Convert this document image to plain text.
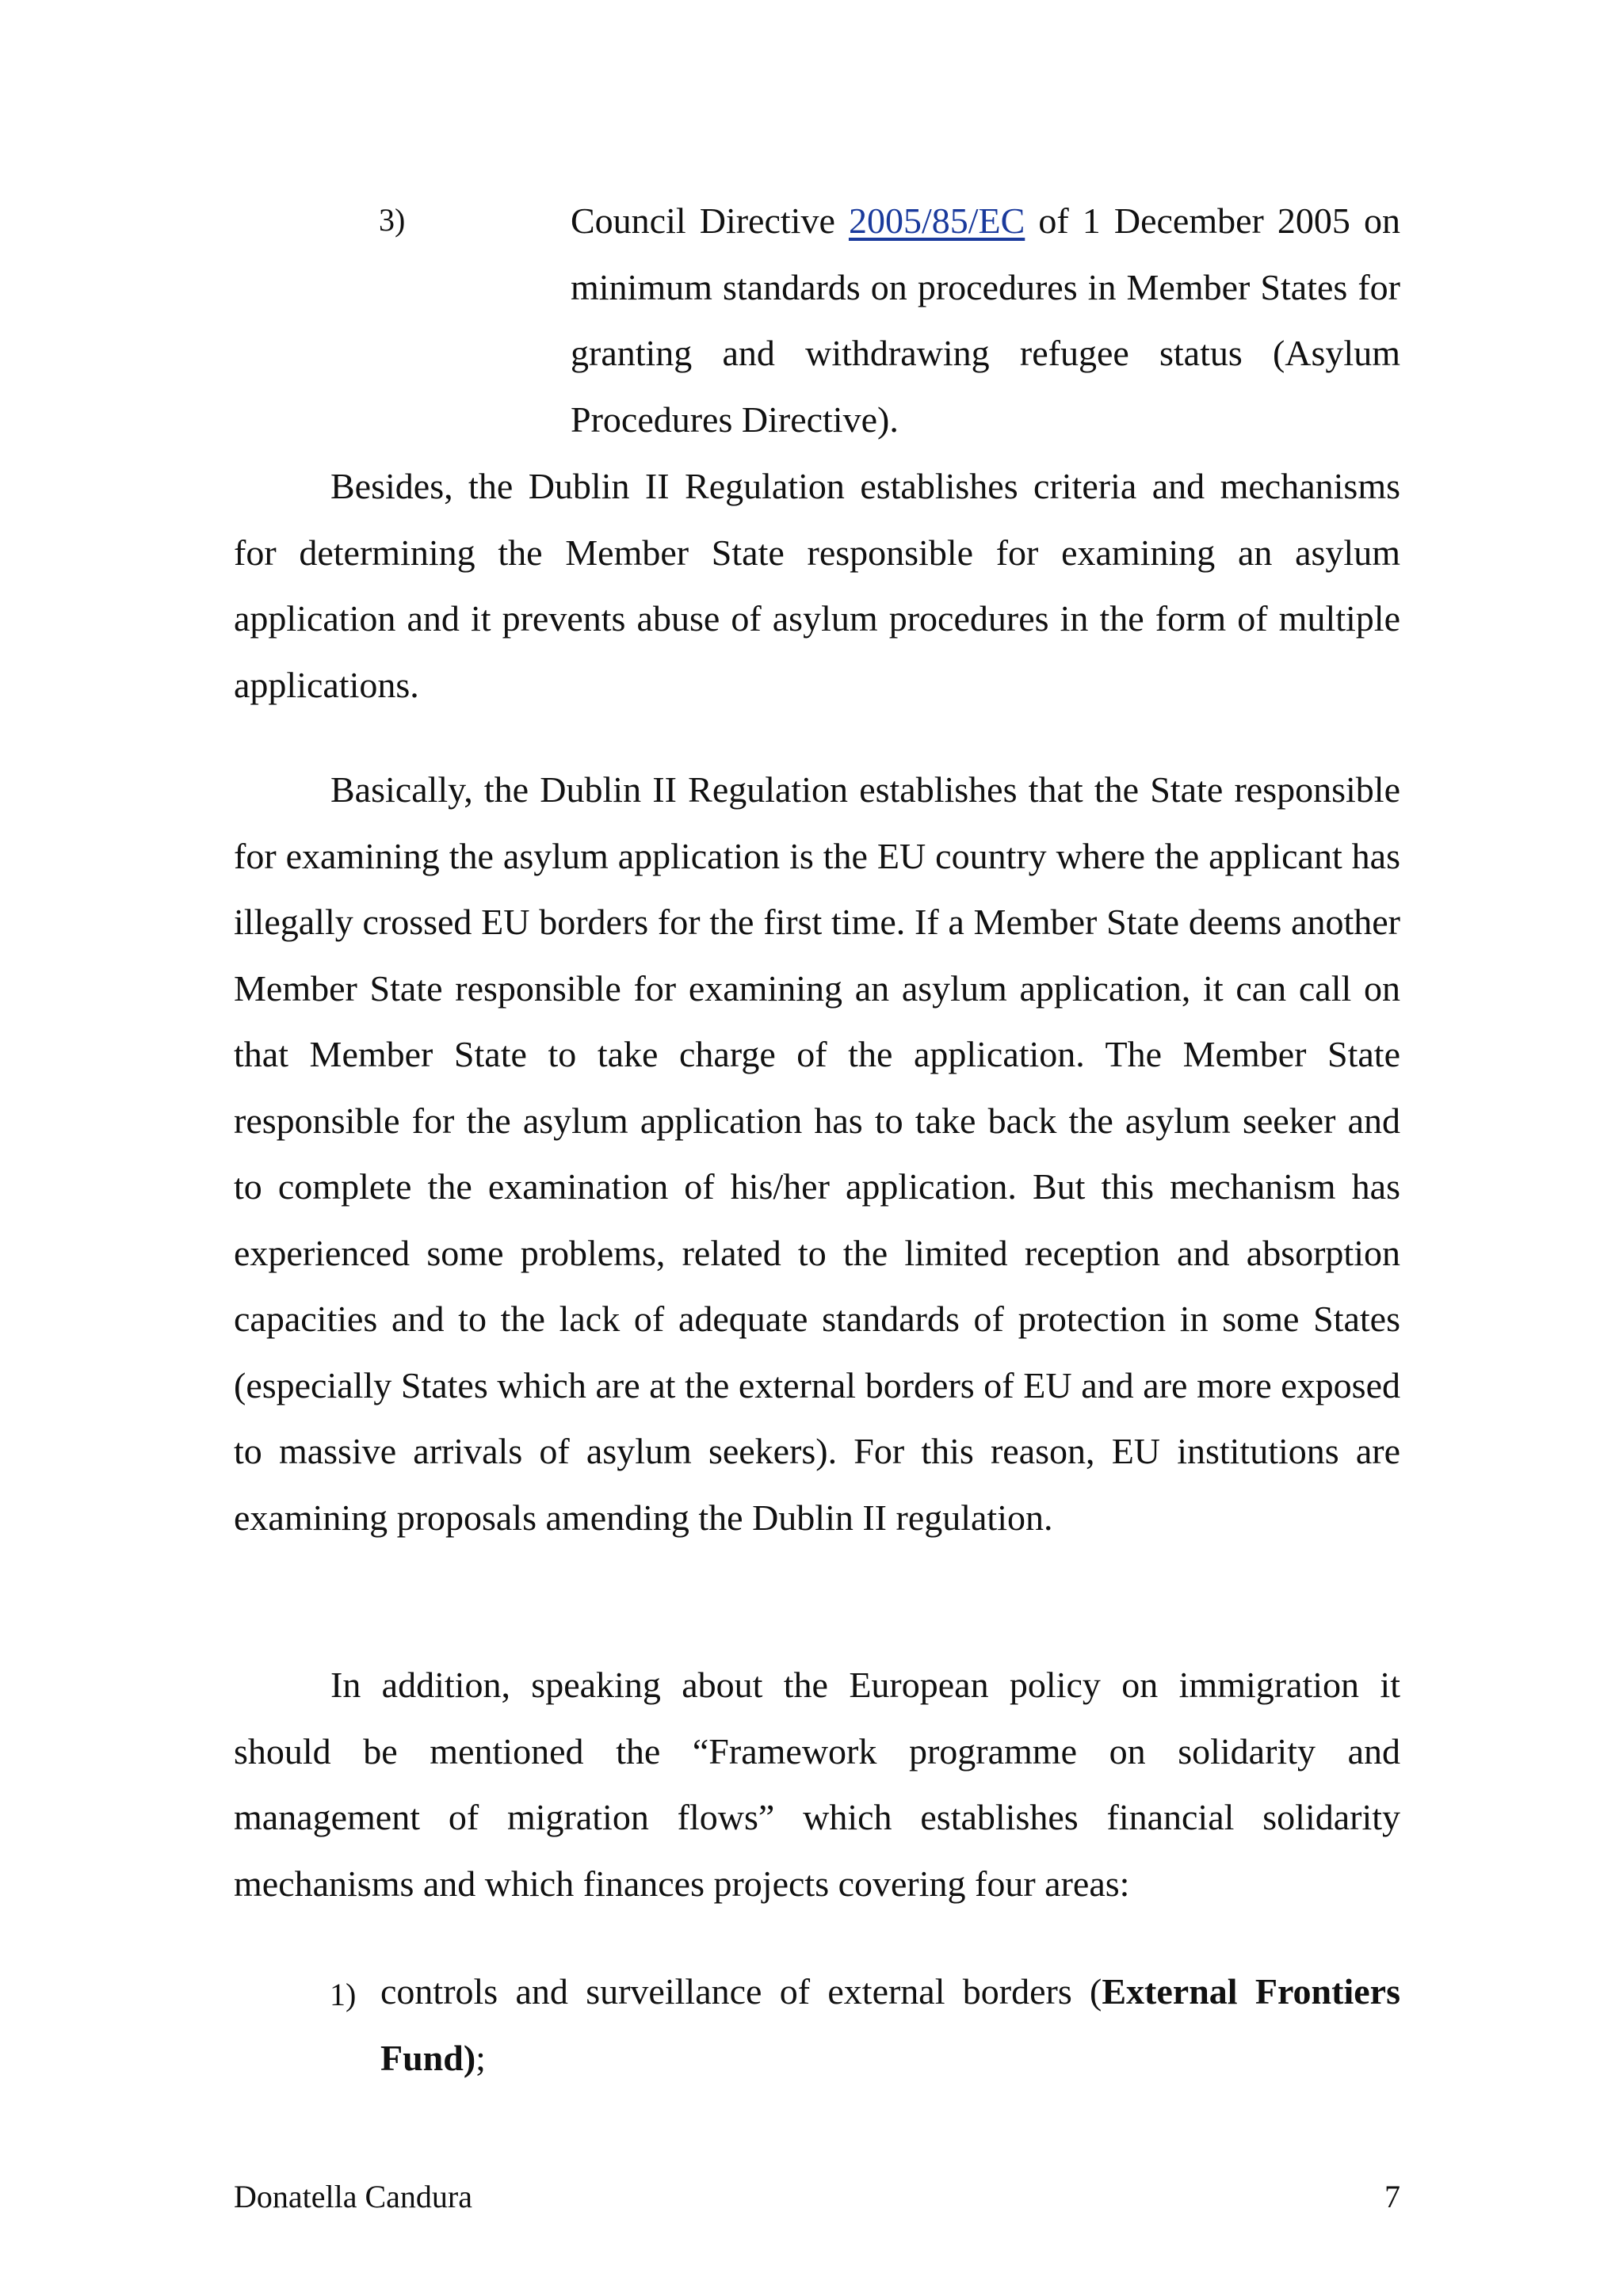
3)	Council Directive 2005/85/EC of 1 December 2005 on minimum standards on procedures in Member States for granting and withdrawing refugee status (Asylum Procedures Directive).

Besides, the Dublin II Regulation establishes criteria and mechanisms for determining the Member State responsible for examining an asylum application and it prevents abuse of asylum procedures in the form of multiple applications.

Basically, the Dublin II Regulation establishes that the State responsible for examining the asylum application is the EU country where the applicant has illegally crossed EU borders for the first time. If a Member State deems another Member State responsible for examining an asylum application, it can call on that Member State to take charge of the application. The Member State responsible for the asylum application has to take back the asylum seeker and to complete the examination of his/her application. But this mechanism has experienced some problems, related to the limited reception and absorption capacities and to the lack of adequate standards of protection in some States (especially States which are at the external borders of EU and are more exposed to massive arrivals of asylum seekers). For this reason, EU institutions are examining proposals amending the Dublin II regulation.

In addition, speaking about the European policy on immigration it should be mentioned the “Framework programme on solidarity and management of migration flows” which establishes financial solidarity mechanisms and which finances projects covering four areas:

1) controls and surveillance of external borders (External Frontiers Fund);

Donatella Candura	7
